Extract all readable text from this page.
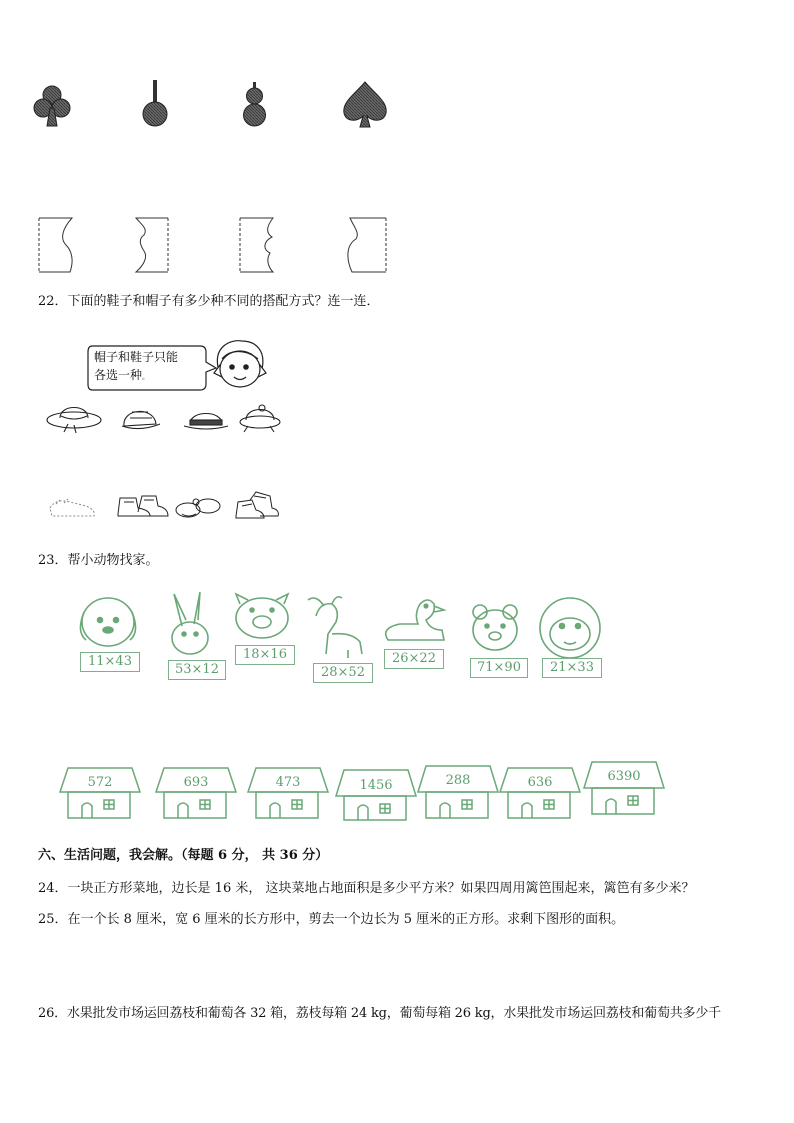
22．下面的鞋子和帽子有多少种不同的搭配方式？连一连．
帽子和鞋子只能
各选一种。
23．帮小动物找家。
11×43
53×12
18×16
28×52
26×22
71×90	21×33
572	693	473	1456	288	636	6390
六、生活问题，我会解。（每题 6 分， 共 36 分）
24．一块正方形菜地，边长是 16 米， 这块菜地占地面积是多少平方米？如果四周用篱笆围起来，篱笆有多少米？
25．在一个长 8 厘米，宽 6 厘米的长方形中，剪去一个边长为 5 厘米的正方形。求剩下图形的面积。
26．水果批发市场运回荔枝和葡萄各 32 箱，荔枝每箱 24 kg，葡萄每箱 26 kg，水果批发市场运回荔枝和葡萄共多少千
